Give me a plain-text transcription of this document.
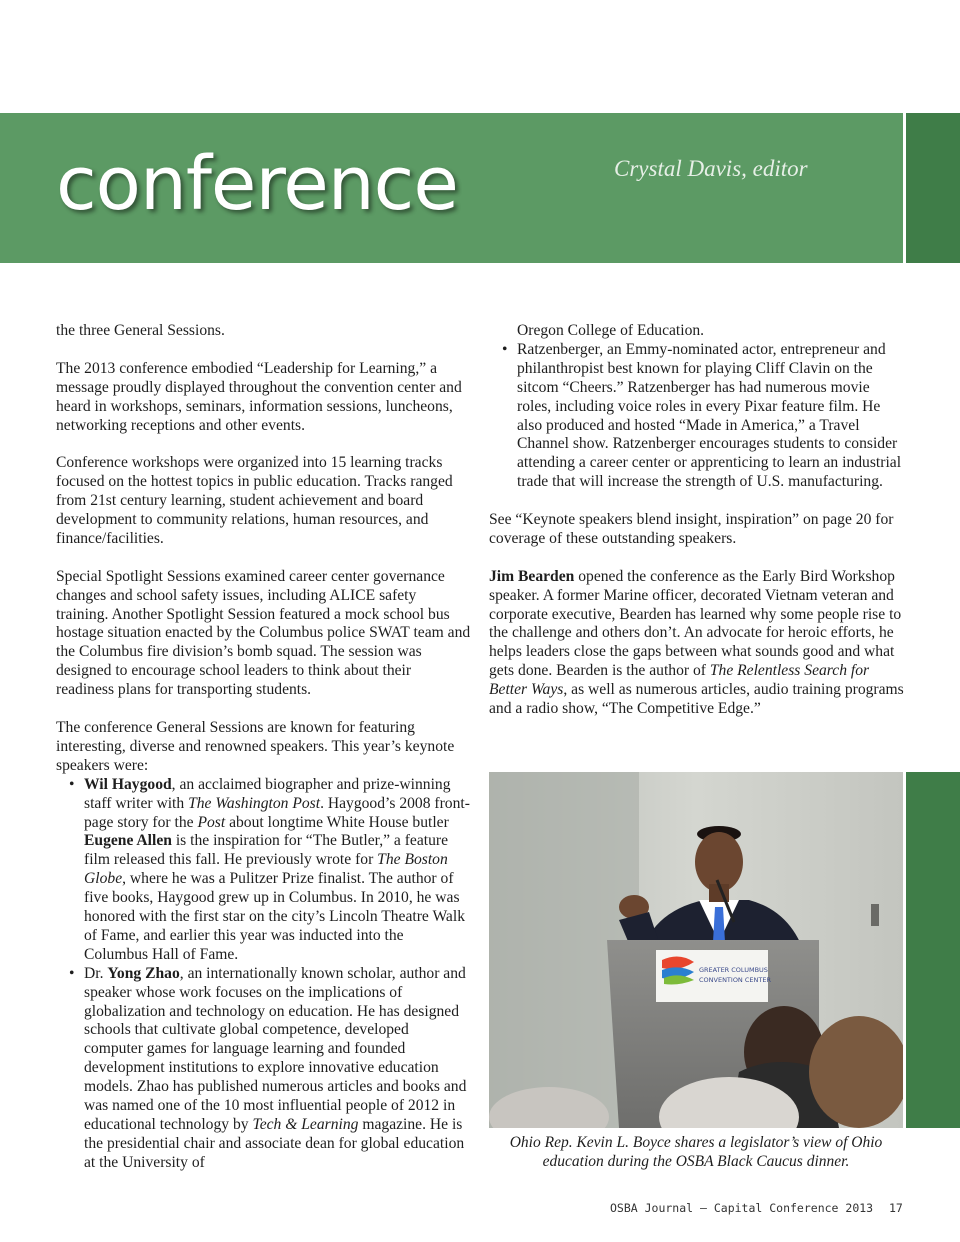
conference	Crystal Davis, editor

the three General Sessions.

The 2013 conference embodied “Leadership for Learning,” a message proudly displayed throughout the convention center and heard in workshops, seminars, information sessions, luncheons, networking receptions and other events.

Conference workshops were organized into 15 learning tracks focused on the hottest topics in public education. Tracks ranged from 21st century learning, student achievement and board development to community relations, human resources, and finance/facilities.

Special Spotlight Sessions examined career center governance changes and school safety issues, including ALICE safety training. Another Spotlight Session featured a mock school bus hostage situation enacted by the Columbus police SWAT team and the Columbus fire division’s bomb squad. The session was designed to encourage school leaders to think about their readiness plans for transporting students.

The conference General Sessions are known for featuring interesting, diverse and renowned speakers. This year’s keynote speakers were:
• Wil Haygood, an acclaimed biographer and prize-winning staff writer with The Washington Post. Haygood’s 2008 front-page story for the Post about longtime White House butler Eugene Allen is the inspiration for “The Butler,” a feature film released this fall. He previously wrote for The Boston Globe, where he was a Pulitzer Prize finalist. The author of five books, Haygood grew up in Columbus. In 2010, he was honored with the first star on the city’s Lincoln Theatre Walk of Fame, and earlier this year was inducted into the Columbus Hall of Fame.
• Dr. Yong Zhao, an internationally known scholar, author and speaker whose work focuses on the implications of globalization and technology on education. He has designed schools that cultivate global competence, developed computer games for language learning and founded development institutions to explore innovative education models. Zhao has published numerous articles and books and was named one of the 10 most influential people of 2012 in educational technology by Tech & Learning magazine. He is the presidential chair and associate dean for global education at the University of
Oregon College of Education.
• Ratzenberger, an Emmy-nominated actor, entrepreneur and philanthropist best known for playing Cliff Clavin on the sitcom “Cheers.” Ratzenberger has had numerous movie roles, including voice roles in every Pixar feature film. He also produced and hosted “Made in America,” a Travel Channel show. Ratzenberger encourages students to consider attending a career center or apprenticing to learn an industrial trade that will increase the strength of U.S. manufacturing.

See “Keynote speakers blend insight, inspiration” on page 20 for coverage of these outstanding speakers.

Jim Bearden opened the conference as the Early Bird Workshop speaker. A former Marine officer, decorated Vietnam veteran and corporate executive, Bearden has learned why some people rise to the challenge and others don’t. An advocate for heroic efforts, he helps leaders close the gaps between what sounds good and what gets done. Bearden is the author of The Relentless Search for Better Ways, as well as numerous articles, audio training programs and a radio show, “The Competitive Edge.”

GREATER COLUMBUS
CONVENTION CENTER
Ohio Rep. Kevin L. Boyce shares a legislator’s view of Ohio education during the OSBA Black Caucus dinner.
OSBA Journal — Capital Conference 2013 17
